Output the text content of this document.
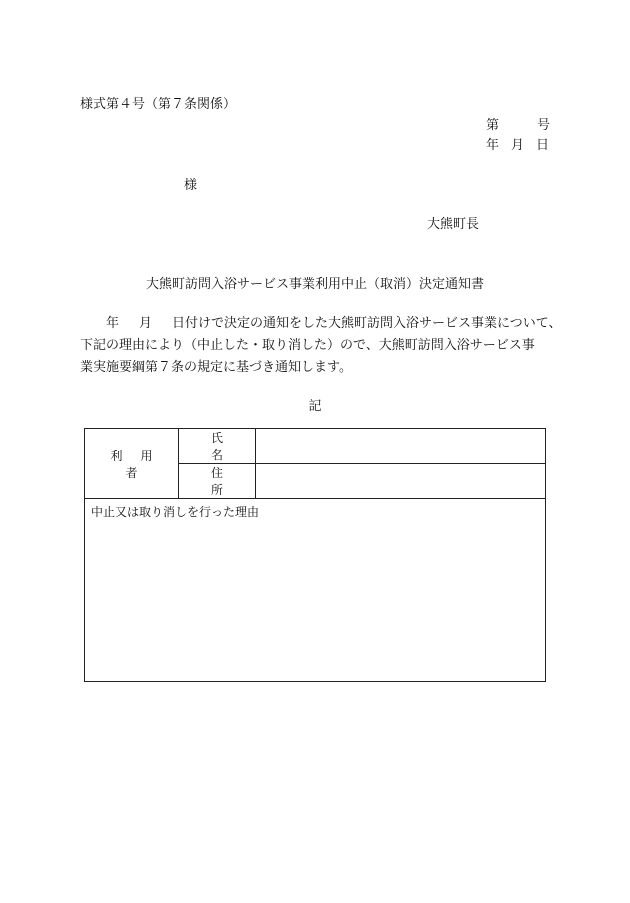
様式第４号（第７条関係）
第	号
年 月 日
様
大熊町長
大熊町訪問入浴サービス事業利用中止（取消）決定通知書
年 月 日付けで決定の通知をした大熊町訪問入浴サービス事業について、
下記の理由により（中止した・取り消した）ので、大熊町訪問入浴サービス事
業実施要綱第７条の規定に基づき通知します。
記
利用者	氏名	
	住所	
中止又は取り消しを行った理由		
